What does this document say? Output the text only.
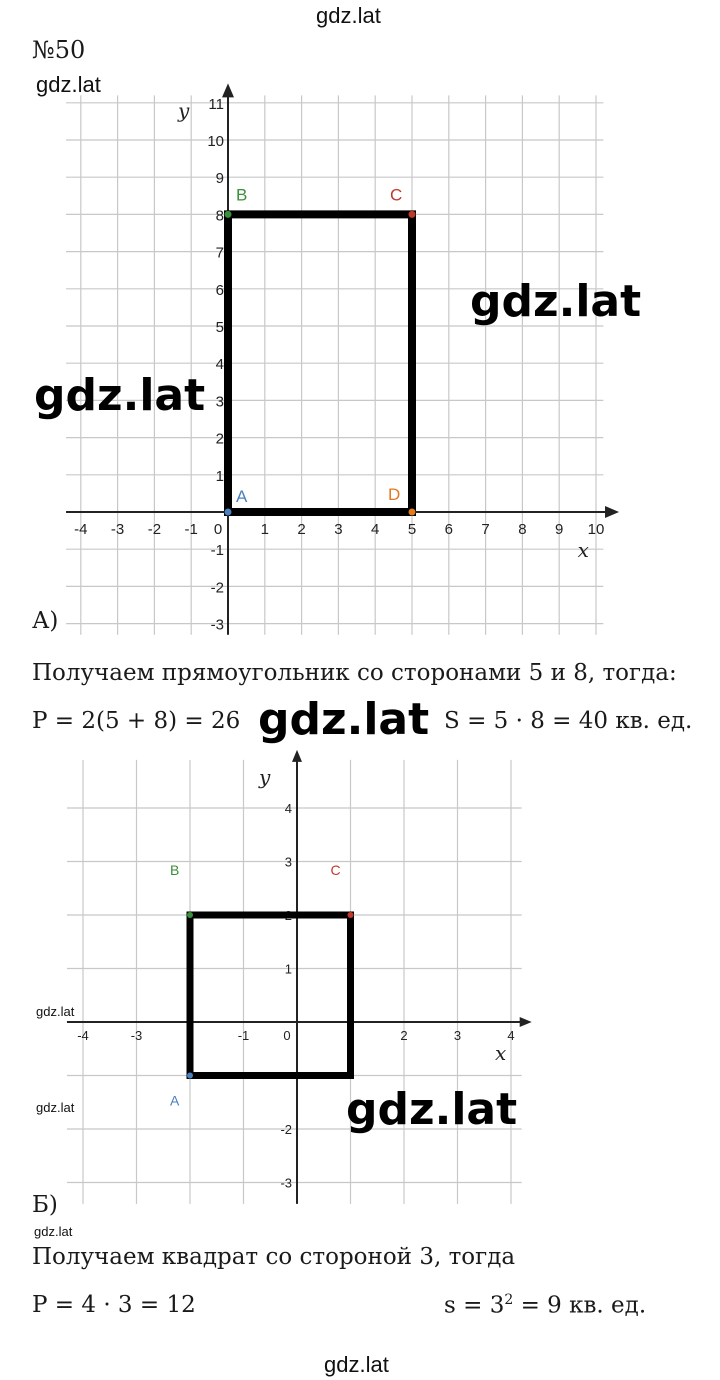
gdz.lat
№50
gdz.lat
-4 -3 -2 -1 0	1 2 3 4 5 6 7 8 9 10
1
2
3
4
5
6
7
8
9
10
11
-1
-2
-3
x
y
A
B	C
D
А)
gdz.lat
gdz.lat
Получаем прямоугольник со сторонами 5 и 8, тогда:
P = 2(5 + 8) = 26 gdz.lat S = 5 · 8 = 40 кв. ед.
-4	-3	-1	0	2	3	4
4
3
2
1
-2
-3
x
y
A
B	C
gdz.lat
gdz.lat	gdz.lat
Б)
gdz.lat
Получаем квадрат со стороной 3, тогда
P = 4 · 3 = 12	$s = 3^2 = 9$ кв. ед.
gdz.lat
